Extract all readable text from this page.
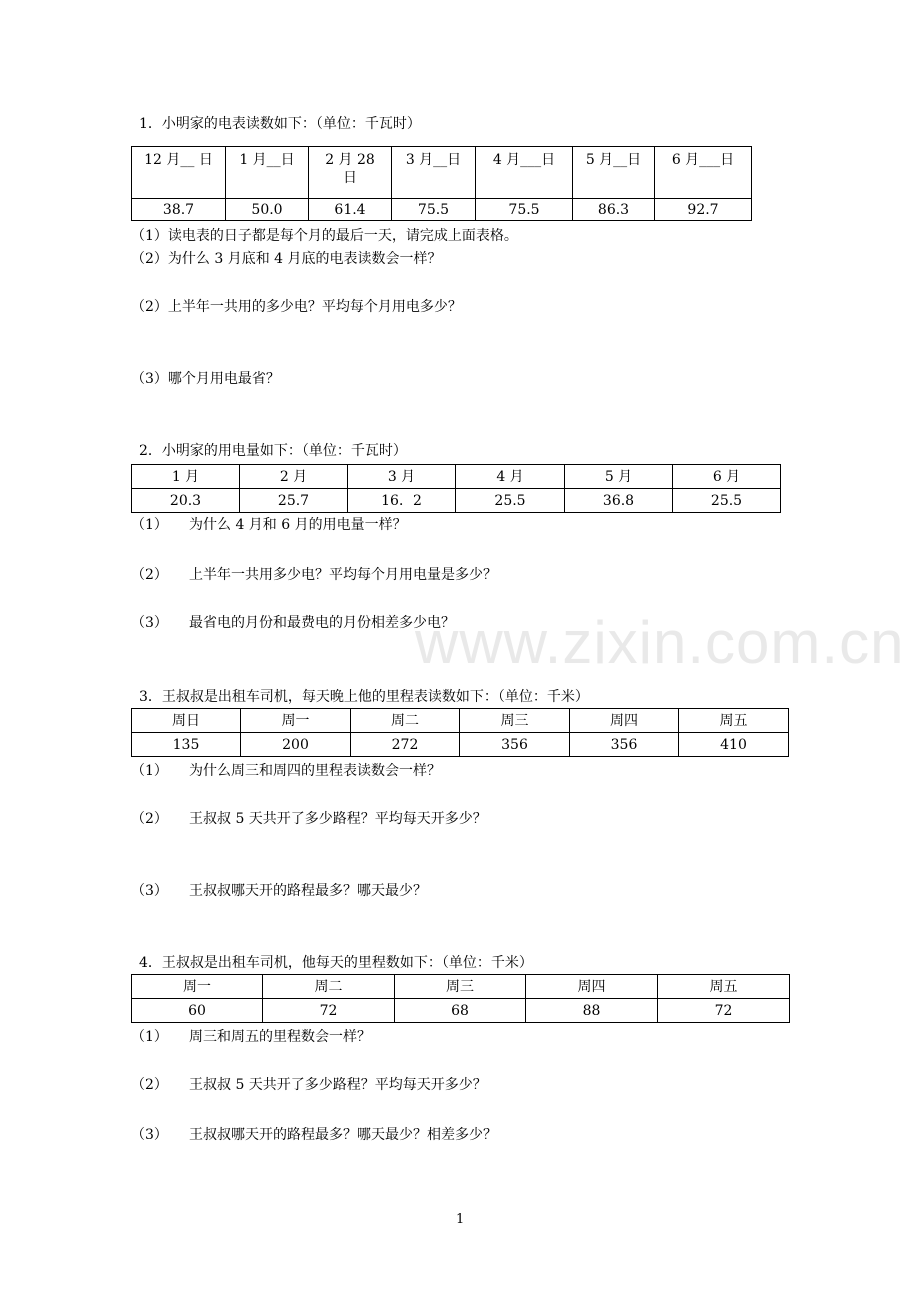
www.zixin.com.cn
1．小明家的电表读数如下：（单位：千瓦时）
12 月__ 日	1 月__日	2 月 28 日	3 月__日	4 月___日	5 月__日	6 月___日
38.7	50.0	61.4	75.5	75.5	86.3	92.7
（1）读电表的日子都是每个月的最后一天，请完成上面表格。
（2）为什么 3 月底和 4 月底的电表读数会一样？
（2）上半年一共用的多少电？平均每个月用电多少？
（3）哪个月用电最省？
2．小明家的用电量如下：（单位：千瓦时）
1 月	2 月	3 月	4 月	5 月	6 月
20.3	25.7	16．2	25.5	36.8	25.5
（1） 为什么 4 月和 6 月的用电量一样？
（2） 上半年一共用多少电？平均每个月用电量是多少？
（3） 最省电的月份和最费电的月份相差多少电？
3．王叔叔是出租车司机，每天晚上他的里程表读数如下：（单位：千米）
周日	周一	周二	周三	周四	周五
135	200	272	356	356	410
（1） 为什么周三和周四的里程表读数会一样？
（2） 王叔叔 5 天共开了多少路程？平均每天开多少？
（3） 王叔叔哪天开的路程最多？哪天最少？
4．王叔叔是出租车司机，他每天的里程数如下：（单位：千米）
周一	周二	周三	周四	周五
60	72	68	88	72
（1） 周三和周五的里程数会一样？
（2） 王叔叔 5 天共开了多少路程？平均每天开多少？
（3） 王叔叔哪天开的路程最多？哪天最少？相差多少？
1
